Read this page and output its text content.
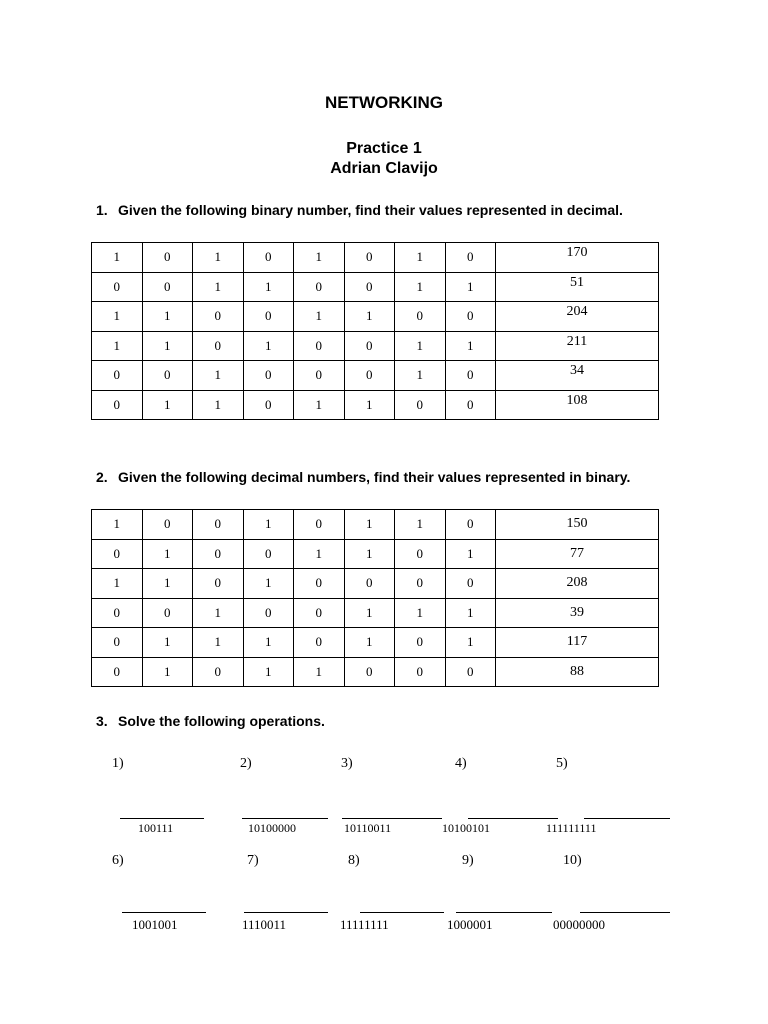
NETWORKING
Practice 1
Adrian Clavijo
1. Given the following binary number, find their values represented in decimal.
1	0	1	0	1	0	1	0	170
0	0	1	1	0	0	1	1	51
1	1	0	0	1	1	0	0	204
1	1	0	1	0	0	1	1	211
0	0	1	0	0	0	1	0	34
0	1	1	0	1	1	0	0	108
2. Given the following decimal numbers, find their values represented in binary.
1	0	0	1	0	1	1	0	150
0	1	0	0	1	1	0	1	77
1	1	0	1	0	0	0	0	208
0	0	1	0	0	1	1	1	39
0	1	1	1	0	1	0	1	117
0	1	0	1	1	0	0	0	88
3. Solve the following operations.
1)
100111
2)
10100000
3)
10110011
4)
10100101
5)
111111111
6)
1001001
7)
1110011
8)
11111111
9)
1000001
10)
00000000
